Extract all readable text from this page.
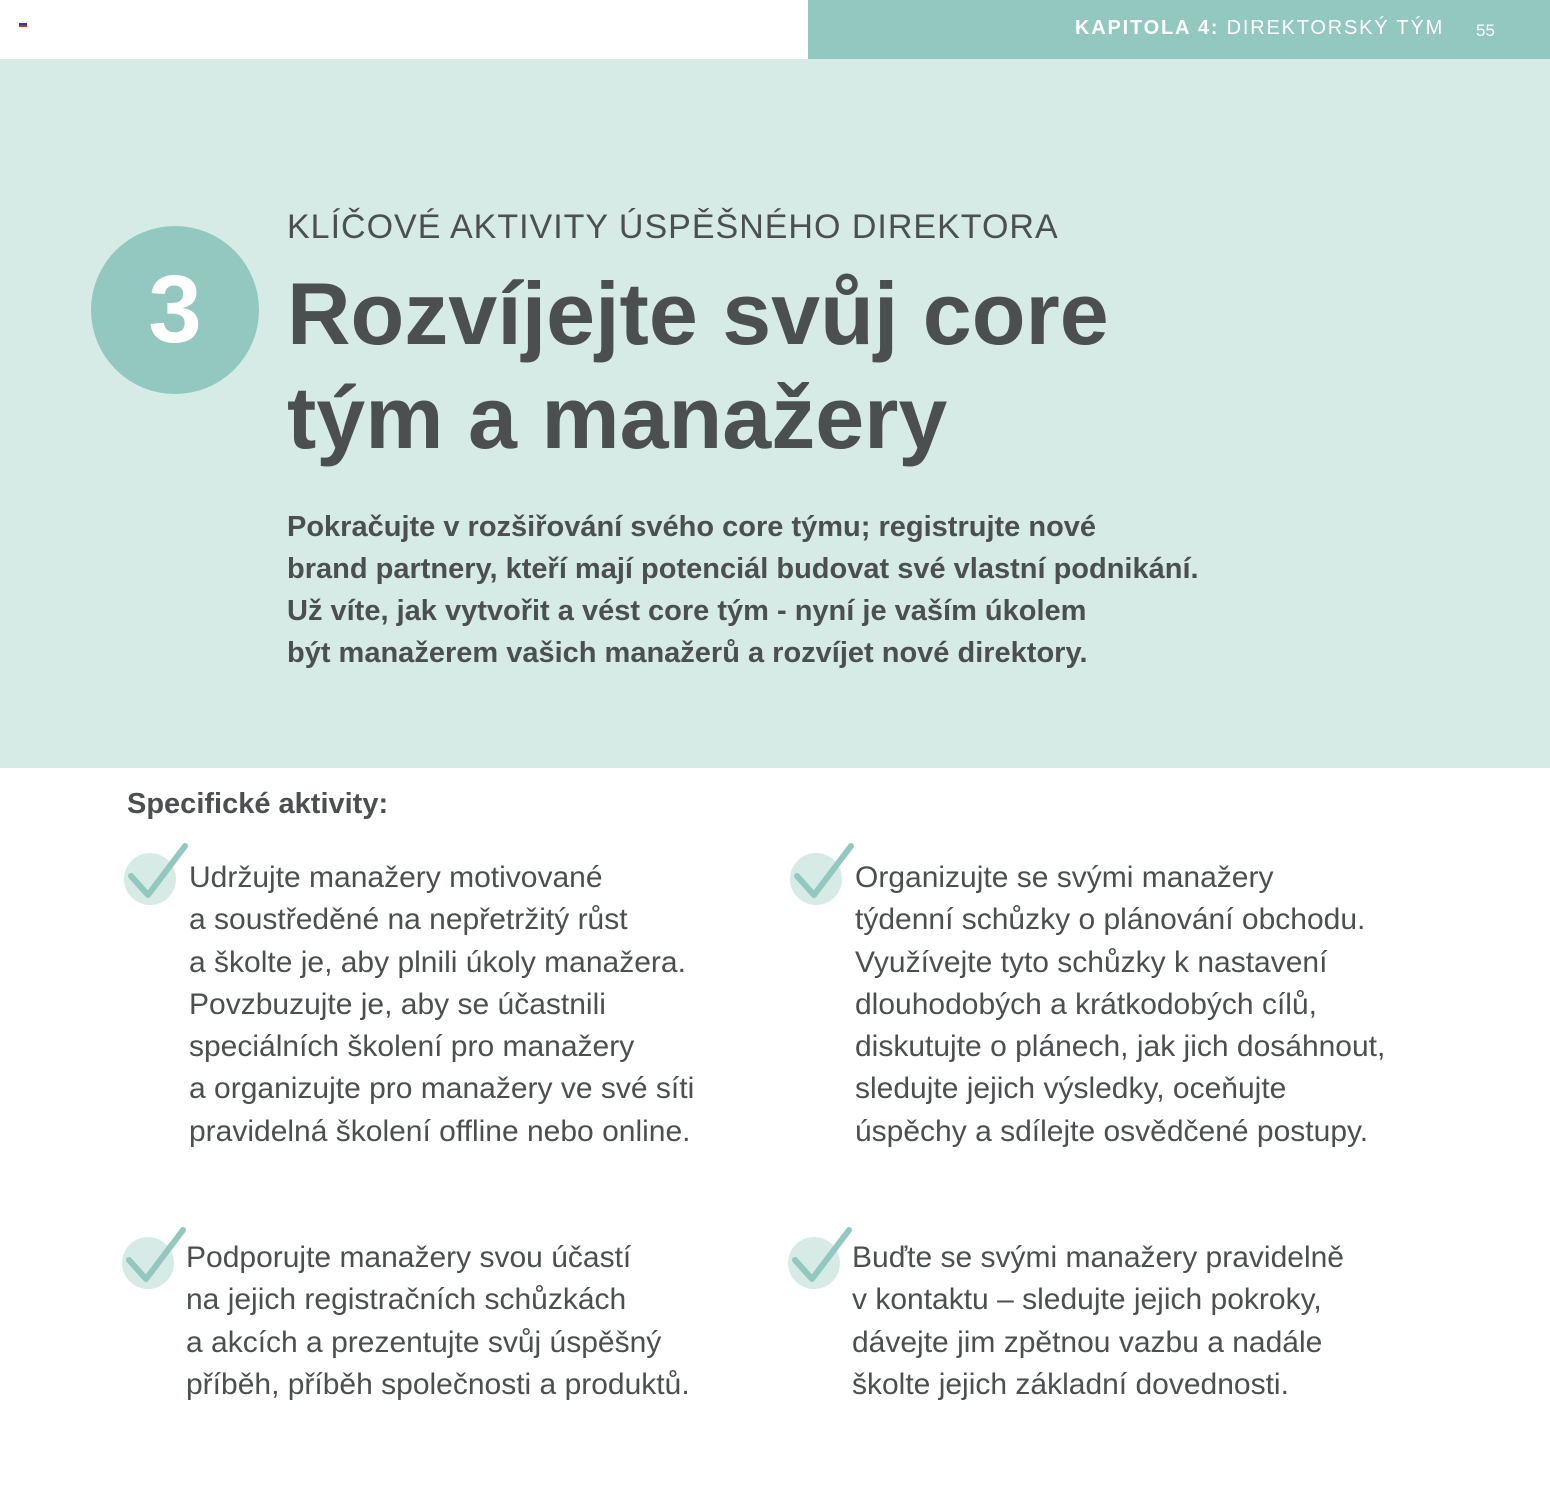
KAPITOLA 4: DIREKTORSKÝ TÝM 55
3
KLÍČOVÉ AKTIVITY ÚSPĚŠNÉHO DIREKTORA
Rozvíjejte svůj core
tým a manažery

Pokračujte v rozšiřování svého core týmu; registrujte nové
brand partnery, kteří mají potenciál budovat své vlastní podnikání.
Už víte, jak vytvořit a vést core tým - nyní je vaším úkolem
být manažerem vašich manažerů a rozvíjet nové direktory.

Specifické aktivity:
Udržujte manažery motivované
a soustředěné na nepřetržitý růst
a školte je, aby plnili úkoly manažera.
Povzbuzujte je, aby se účastnili
speciálních školení pro manažery
a organizujte pro manažery ve své síti
pravidelná školení offline nebo online.
Organizujte se svými manažery
týdenní schůzky o plánování obchodu.
Využívejte tyto schůzky k nastavení
dlouhodobých a krátkodobých cílů,
diskutujte o plánech, jak jich dosáhnout,
sledujte jejich výsledky, oceňujte
úspěchy a sdílejte osvědčené postupy.
Podporujte manažery svou účastí
na jejich registračních schůzkách
a akcích a prezentujte svůj úspěšný
příběh, příběh společnosti a produktů.
Buďte se svými manažery pravidelně
v kontaktu – sledujte jejich pokroky,
dávejte jim zpětnou vazbu a nadále
školte jejich základní dovednosti.
